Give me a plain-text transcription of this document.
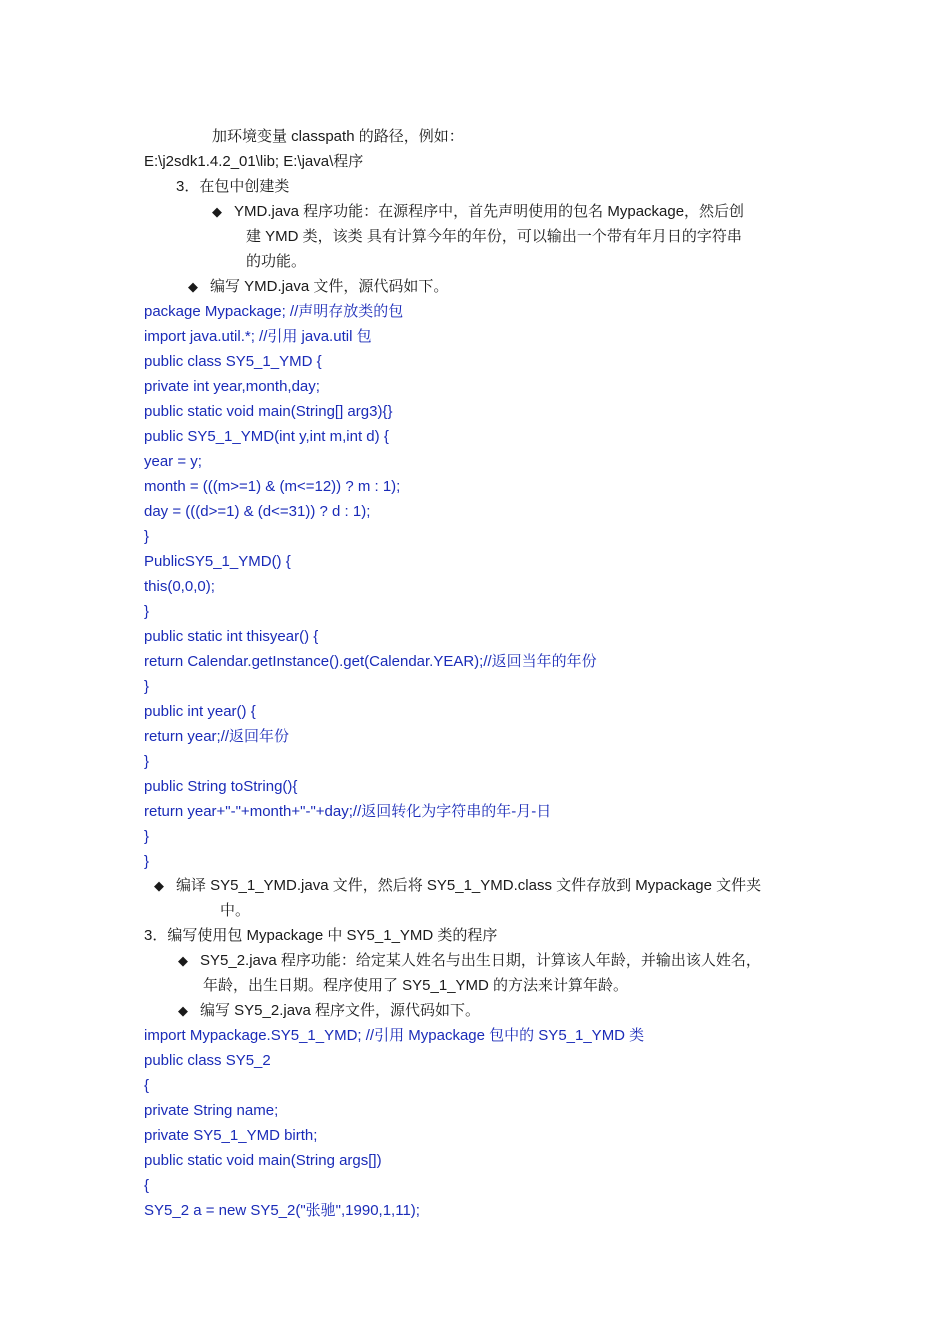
加环境变量 classpath 的路径，例如：
E:\j2sdk1.4.2_01\lib; E:\java\程序
3．在包中创建类
◆ YMD.java 程序功能：在源程序中，首先声明使用的包名 Mypackage，然后创
建 YMD 类，该类 具有计算今年的年份，可以输出一个带有年月日的字符串
的功能。
◆ 编写 YMD.java 文件，源代码如下。
package Mypackage; //声明存放类的包
import java.util.*; //引用 java.util 包
public class SY5_1_YMD {
private int year,month,day;
public static void main(String[] arg3){}
public SY5_1_YMD(int y,int m,int d) {
year = y;
month = (((m>=1) & (m<=12)) ? m : 1);
day = (((d>=1) & (d<=31)) ? d : 1);
}
PublicSY5_1_YMD() {
this(0,0,0);
}
public static int thisyear() {
return Calendar.getInstance().get(Calendar.YEAR);//返回当年的年份
}
public int year() {
return year;//返回年份
}
public String toString(){
return year+"-"+month+"-"+day;//返回转化为字符串的年-月-日
}
}
◆ 编译 SY5_1_YMD.java 文件，然后将 SY5_1_YMD.class 文件存放到 Mypackage 文件夹
中。
3．编写使用包 Mypackage 中 SY5_1_YMD 类的程序
◆ SY5_2.java 程序功能：给定某人姓名与出生日期，计算该人年龄，并输出该人姓名，
年龄，出生日期。程序使用了 SY5_1_YMD 的方法来计算年龄。
◆ 编写 SY5_2.java 程序文件，源代码如下。
import Mypackage.SY5_1_YMD; //引用 Mypackage 包中的 SY5_1_YMD 类
public class SY5_2
{
private String name;
private SY5_1_YMD birth;
public static void main(String args[])
{
SY5_2 a = new SY5_2("张驰",1990,1,11);
